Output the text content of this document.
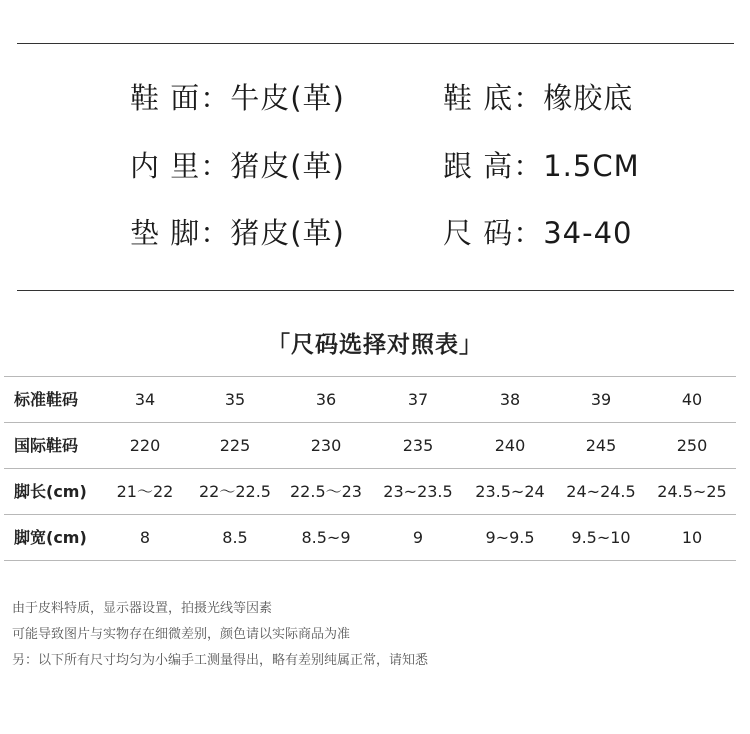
鞋 面：牛皮(革)
内 里：猪皮(革)
垫 脚：猪皮(革)
鞋 底：橡胶底
跟 高：1.5CM
尺 码：34-40
「尺码选择对照表」
标准鞋码	34	35	36	37	38	39	40
国际鞋码	220	225	230	235	240	245	250
脚长(cm)	21～22	22～22.5	22.5～23	23~23.5	23.5~24	24~24.5	24.5~25
脚宽(cm)	8	8.5	8.5~9	9	9~9.5	9.5~10	10
由于皮料特质，显示器设置，拍摄光线等因素
可能导致图片与实物存在细微差别，颜色请以实际商品为准
另：以下所有尺寸均匀为小编手工测量得出，略有差别纯属正常，请知悉
